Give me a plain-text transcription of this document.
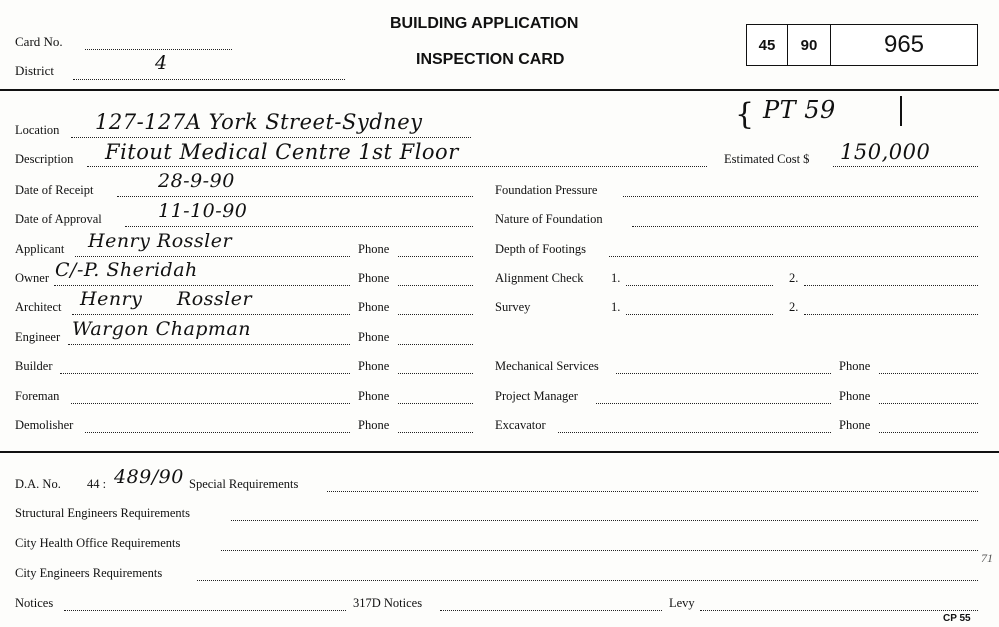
Card No.
District	4
BUILDING APPLICATION
INSPECTION CARD
45	90	965
{ PT 59
Location 127-127A York Street-Sydney
Description Fitout Medical Centre 1st Floor	Estimated Cost $ 150,000
Date of Receipt	28-9-90
Date of Approval	11-10-90
Applicant Henry Rossler	Phone
Owner C/-P. Sheridah	Phone
Architect Henry Rossler	Phone
Engineer Wargon Chapman	Phone
Builder	Phone
Foreman	Phone
Demolisher	Phone
Foundation Pressure
Nature of Foundation
Depth of Footings
Alignment Check 1.	2.
Survey	1.	2.
Mechanical Services	Phone
Project Manager	Phone
Excavator	Phone
D.A. No. 44 : 489/90 Special Requirements
Structural Engineers Requirements
City Health Office Requirements
City Engineers Requirements
71
Notices	317D Notices	Levy
CP 55
